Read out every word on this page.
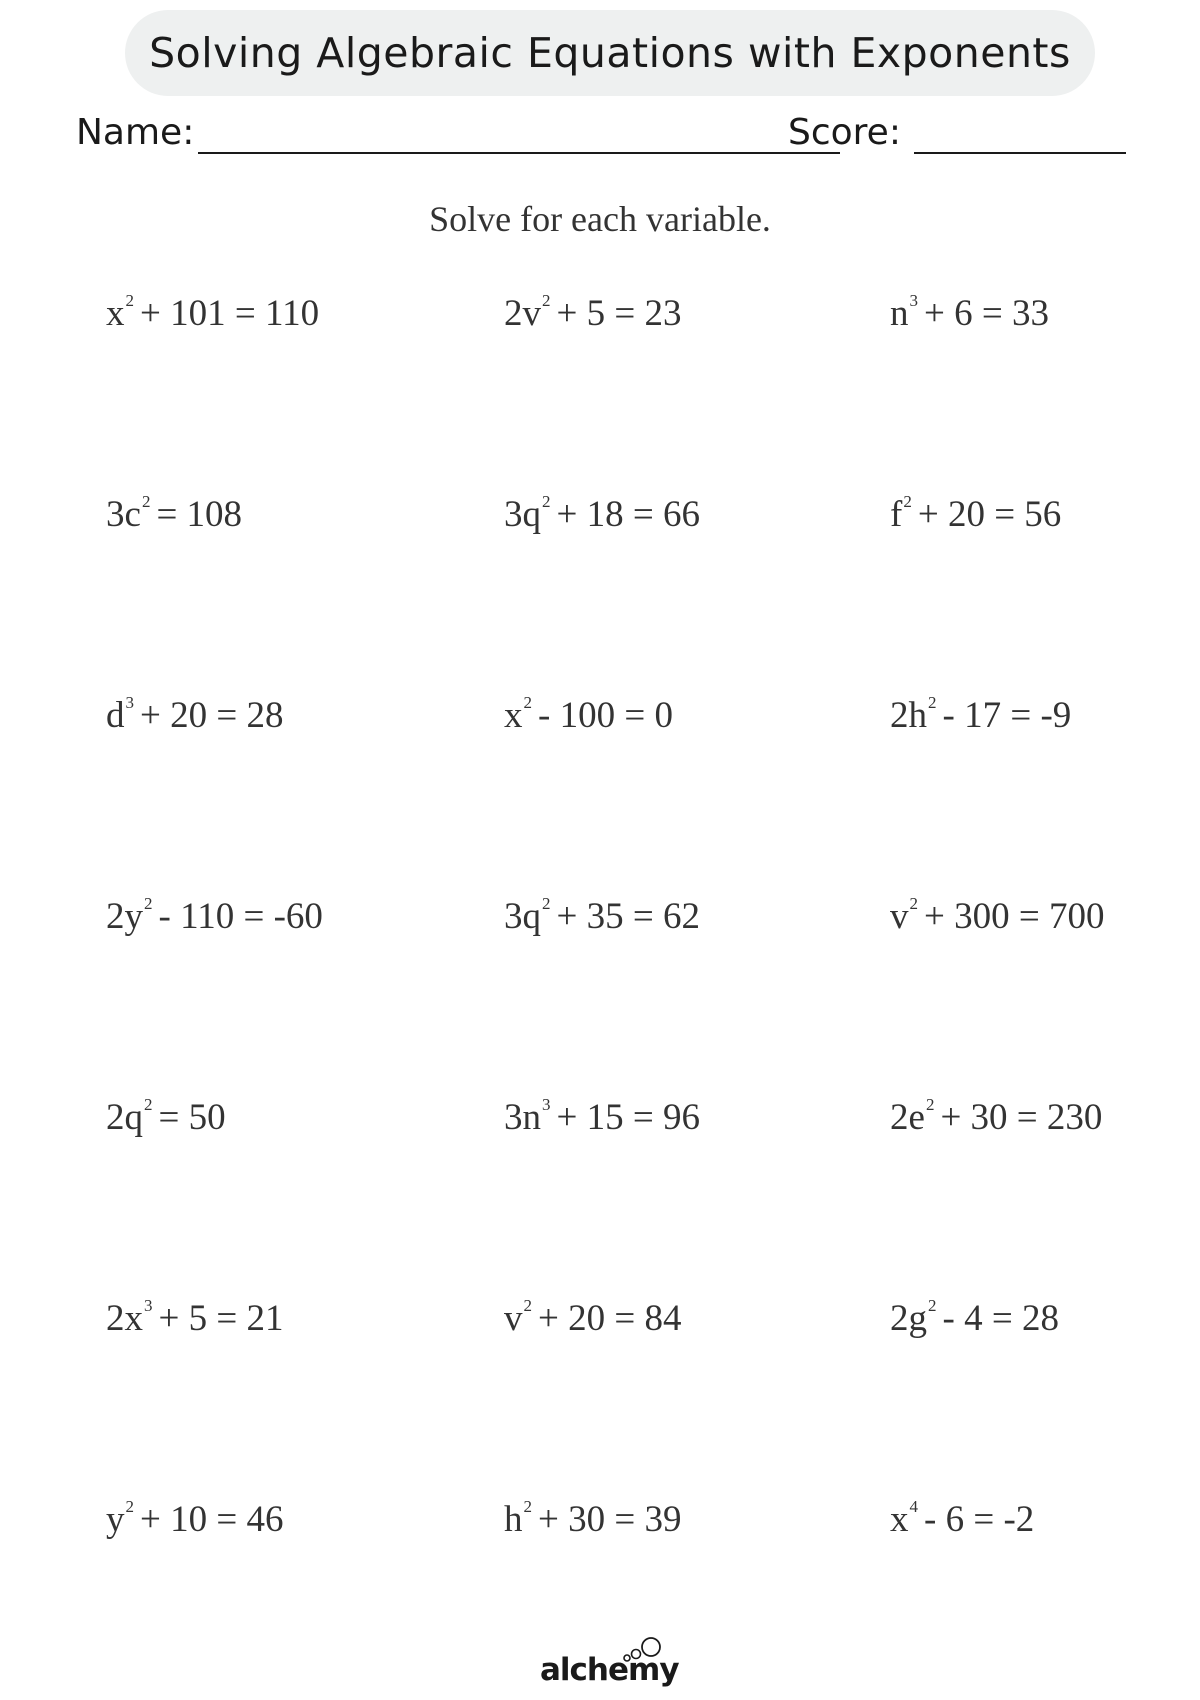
Solving Algebraic Equations with Exponents
Name:	Score:
Solve for each variable.
$x^2 + 101 = 110$	$2v^2 + 5 = 23$	$n^3 + 6 = 33$
$3c^2 = 108$	$3q^2 + 18 = 66$	$f^2 + 20 = 56$
$d^3 + 20 = 28$	$x^2 - 100 = 0$	$2h^2 - 17 = -9$
$2y^2 - 110 = -60$	$3q^2 + 35 = 62$	$v^2 + 300 = 700$
$2q^2 = 50$	$3n^3 + 15 = 96$	$2e^2 + 30 = 230$
$2x^3 + 5 = 21$	$v^2 + 20 = 84$	$2g^2 - 4 = 28$
$y^2 + 10 = 46$	$h^2 + 30 = 39$	$x^4 - 6 = -2$
alchemy
